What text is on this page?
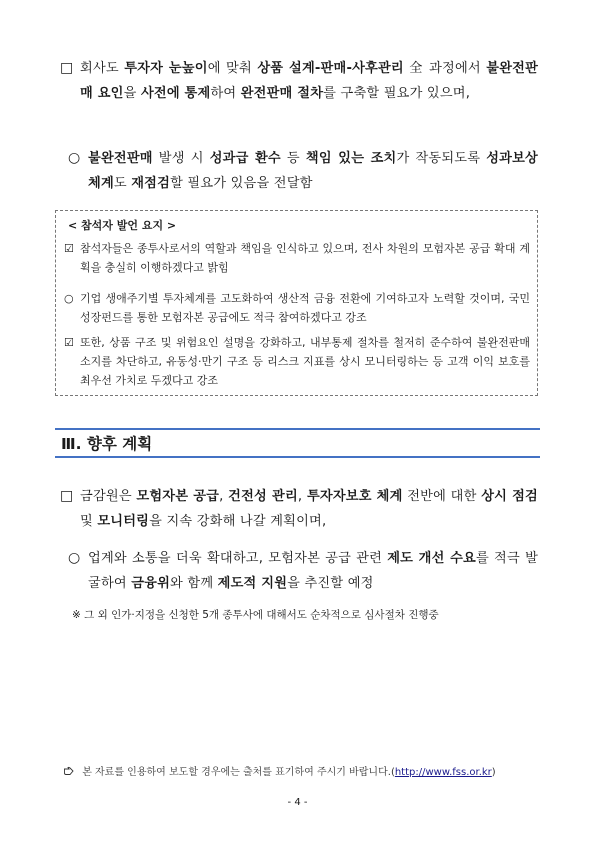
□ 회사도 투자자 눈높이에 맞춰 상품 설계-판매-사후관리 全 과정에서 불완전판매 요인을 사전에 통제하여 완전판매 절차를 구축할 필요가 있으며,
○ 불완전판매 발생 시 성과급 환수 등 책임 있는 조치가 작동되도록 성과보상 체계도 재점검할 필요가 있음을 전달함
< 참석자 발언 요지 >
☑ 참석자들은 종투사로서의 역할과 책임을 인식하고 있으며, 전사 차원의 모험자본 공급 확대 계획을 충실히 이행하겠다고 밝힘
○ 기업 생애주기별 투자체계를 고도화하여 생산적 금융 전환에 기여하고자 노력할 것이며, 국민성장펀드를 통한 모험자본 공급에도 적극 참여하겠다고 강조
☑ 또한, 상품 구조 및 위험요인 설명을 강화하고, 내부통제 절차를 철저히 준수하여 불완전판매 소지를 차단하고, 유동성·만기 구조 등 리스크 지표를 상시 모니터링하는 등 고객 이익 보호를 최우선 가치로 두겠다고 강조
Ⅲ. 향후 계획
□ 금감원은 모험자본 공급, 건전성 관리, 투자자보호 체계 전반에 대한 상시 점검 및 모니터링을 지속 강화해 나갈 계획이며,
○ 업계와 소통을 더욱 확대하고, 모험자본 공급 관련 제도 개선 수요를 적극 발굴하여 금융위와 함께 제도적 지원을 추진할 예정
※ 그 외 인가·지정을 신청한 5개 종투사에 대해서도 순차적으로 심사절차 진행중
본 자료를 인용하여 보도할 경우에는 출처를 표기하여 주시기 바랍니다.(http://www.fss.or.kr)
- 4 -
